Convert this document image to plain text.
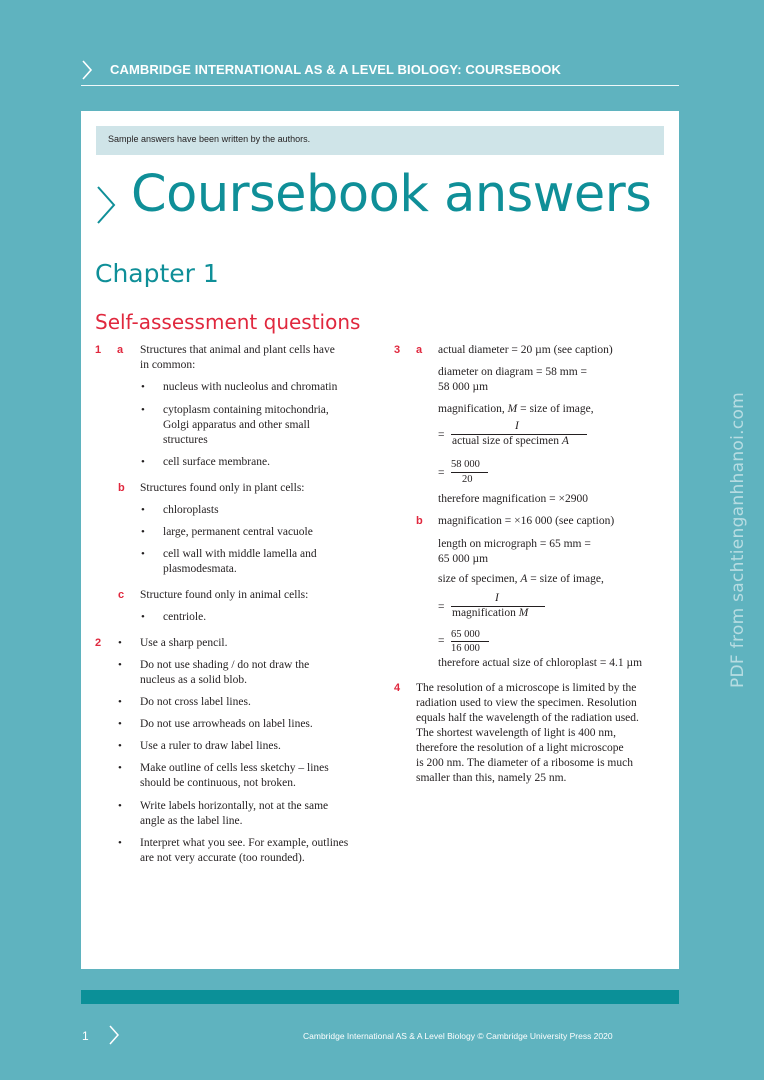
CAMBRIDGE INTERNATIONAL AS & A LEVEL BIOLOGY: COURSEBOOK
PDF from sachtienganhhanoi.com
Sample answers have been written by the authors.
Coursebook answers
Chapter 1
Self-assessment questions
1 a Structures that animal and plant cells have
in common:
• nucleus with nucleolus and chromatin
• cytoplasm containing mitochondria,
Golgi apparatus and other small
structures
• cell surface membrane.
b Structures found only in plant cells:
• chloroplasts
• large, permanent central vacuole
• cell wall with middle lamella and
plasmodesmata.
c Structure found only in animal cells:
• centriole.
2 • Use a sharp pencil.
• Do not use shading / do not draw the
nucleus as a solid blob.
• Do not cross label lines.
• Do not use arrowheads on label lines.
• Use a ruler to draw label lines.
• Make outline of cells less sketchy – lines
should be continuous, not broken.
• Write labels horizontally, not at the same
angle as the label line.
• Interpret what you see. For example, outlines
are not very accurate (too rounded).
3 a actual diameter = 20 µm (see caption)
diameter on diagram = 58 mm =
58 000 µm
magnification, M = size of image,
=
I
actual size of specimen A
=
58 000
20
therefore magnification = ×2900
b magnification = ×16 000 (see caption)
length on micrograph = 65 mm =
65 000 µm
size of specimen, A = size of image,
=
I
magnification M
=
65 000
16 000
therefore actual size of chloroplast = 4.1 µm
4 The resolution of a microscope is limited by the
radiation used to view the specimen. Resolution
equals half the wavelength of the radiation used.
The shortest wavelength of light is 400 nm,
therefore the resolution of a light microscope
is 200 nm. The diameter of a ribosome is much
smaller than this, namely 25 nm.
1	Cambridge International AS & A Level Biology © Cambridge University Press 2020
